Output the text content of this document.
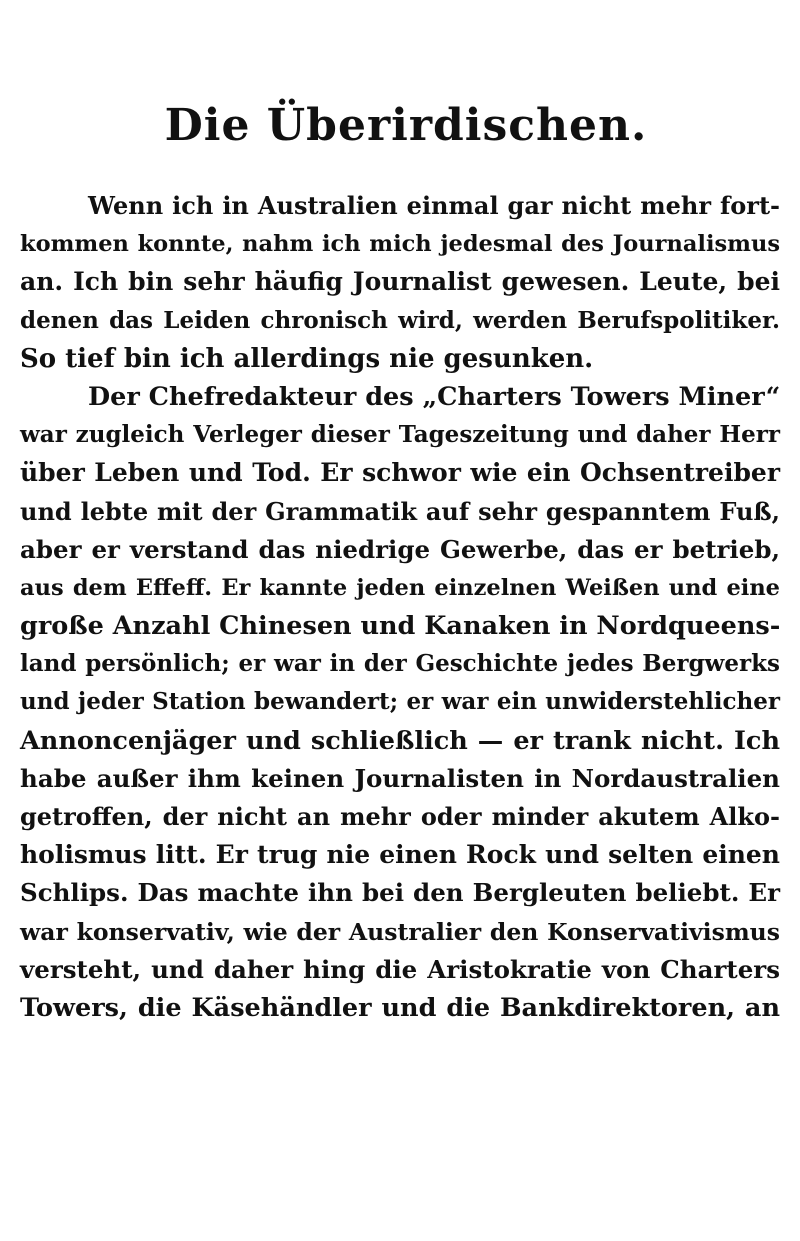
Die Überirdischen.
Wenn ich in Australien einmal gar nicht mehr fort-
kommen konnte, nahm ich mich jedesmal des Journalismus
an. Ich bin sehr häufig Journalist gewesen. Leute, bei
denen das Leiden chronisch wird, werden Berufspolitiker.
So tief bin ich allerdings nie gesunken.
Der Chefredakteur des „Charters Towers Miner“
war zugleich Verleger dieser Tageszeitung und daher Herr
über Leben und Tod. Er schwor wie ein Ochsentreiber
und lebte mit der Grammatik auf sehr gespanntem Fuß,
aber er verstand das niedrige Gewerbe, das er betrieb,
aus dem Effeff. Er kannte jeden einzelnen Weißen und eine
große Anzahl Chinesen und Kanaken in Nordqueens-
land persönlich; er war in der Geschichte jedes Bergwerks
und jeder Station bewandert; er war ein unwiderstehlicher
Annoncenjäger und schließlich — er trank nicht. Ich
habe außer ihm keinen Journalisten in Nordaustralien
getroffen, der nicht an mehr oder minder akutem Alko-
holismus litt. Er trug nie einen Rock und selten einen
Schlips. Das machte ihn bei den Bergleuten beliebt. Er
war konservativ, wie der Australier den Konservativismus
versteht, und daher hing die Aristokratie von Charters
Towers, die Käsehändler und die Bankdirektoren, an
